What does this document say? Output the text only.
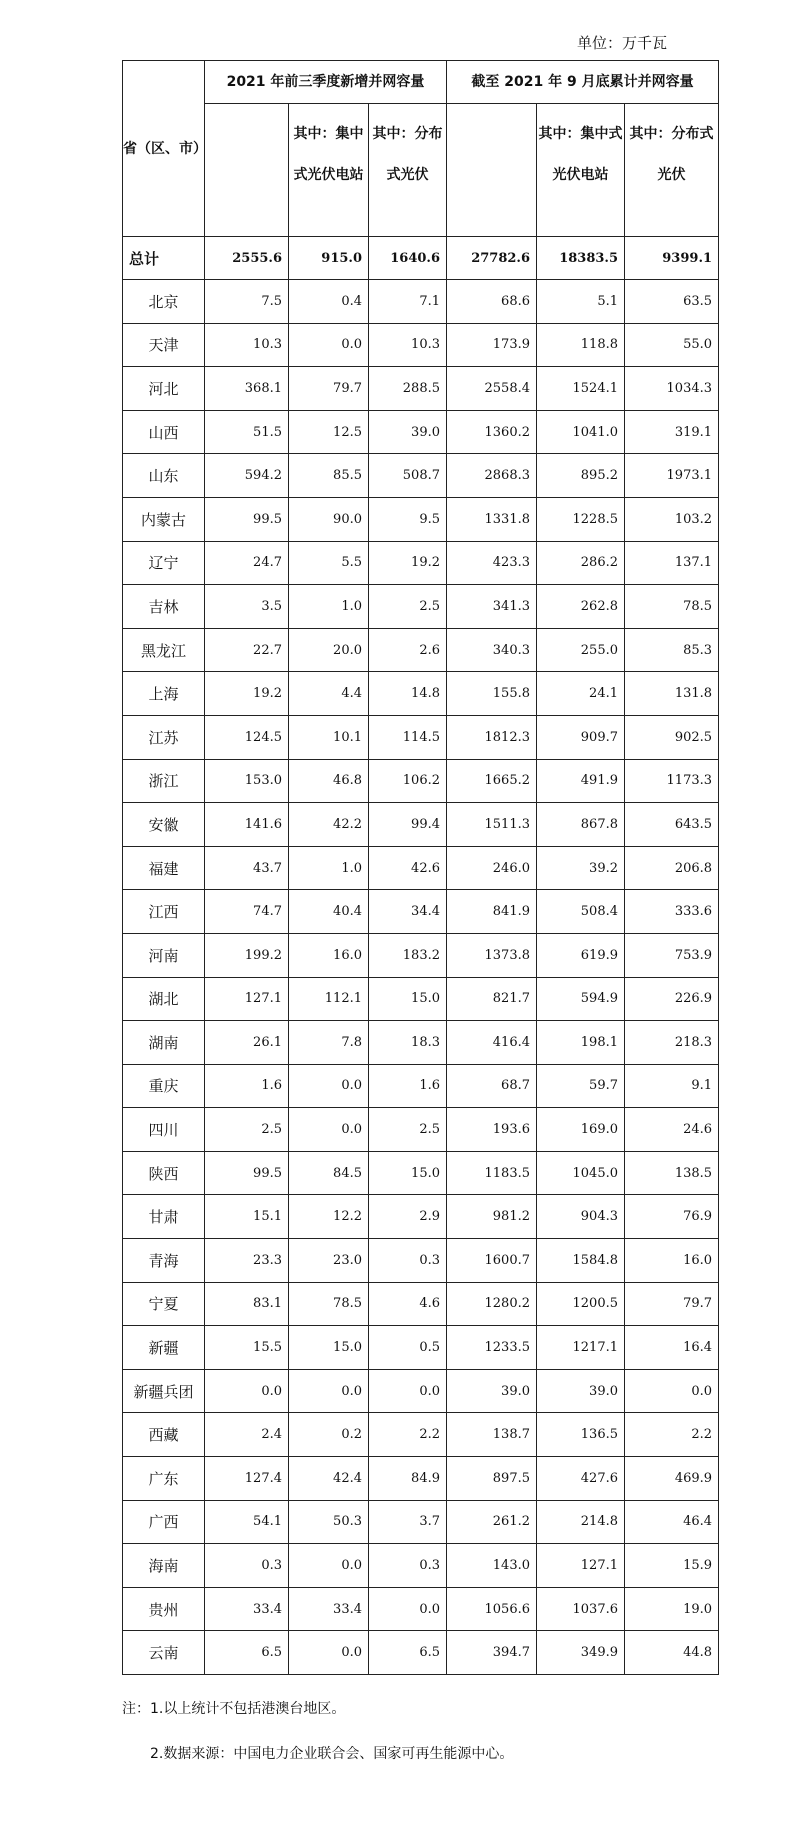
单位：万千瓦
省（区、市）	2021 年前三季度新增并网容量			截至 2021 年 9 月底累计并网容量		
		其中：集中式光伏电站	其中：分布式光伏		其中：集中式光伏电站	其中：分布式光伏
总计	2555.6	915.0	1640.6	27782.6	18383.5	9399.1
北京	7.5	0.4	7.1	68.6	5.1	63.5
天津	10.3	0.0	10.3	173.9	118.8	55.0
河北	368.1	79.7	288.5	2558.4	1524.1	1034.3
山西	51.5	12.5	39.0	1360.2	1041.0	319.1
山东	594.2	85.5	508.7	2868.3	895.2	1973.1
内蒙古	99.5	90.0	9.5	1331.8	1228.5	103.2
辽宁	24.7	5.5	19.2	423.3	286.2	137.1
吉林	3.5	1.0	2.5	341.3	262.8	78.5
黑龙江	22.7	20.0	2.6	340.3	255.0	85.3
上海	19.2	4.4	14.8	155.8	24.1	131.8
江苏	124.5	10.1	114.5	1812.3	909.7	902.5
浙江	153.0	46.8	106.2	1665.2	491.9	1173.3
安徽	141.6	42.2	99.4	1511.3	867.8	643.5
福建	43.7	1.0	42.6	246.0	39.2	206.8
江西	74.7	40.4	34.4	841.9	508.4	333.6
河南	199.2	16.0	183.2	1373.8	619.9	753.9
湖北	127.1	112.1	15.0	821.7	594.9	226.9
湖南	26.1	7.8	18.3	416.4	198.1	218.3
重庆	1.6	0.0	1.6	68.7	59.7	9.1
四川	2.5	0.0	2.5	193.6	169.0	24.6
陕西	99.5	84.5	15.0	1183.5	1045.0	138.5
甘肃	15.1	12.2	2.9	981.2	904.3	76.9
青海	23.3	23.0	0.3	1600.7	1584.8	16.0
宁夏	83.1	78.5	4.6	1280.2	1200.5	79.7
新疆	15.5	15.0	0.5	1233.5	1217.1	16.4
新疆兵团	0.0	0.0	0.0	39.0	39.0	0.0
西藏	2.4	0.2	2.2	138.7	136.5	2.2
广东	127.4	42.4	84.9	897.5	427.6	469.9
广西	54.1	50.3	3.7	261.2	214.8	46.4
海南	0.3	0.0	0.3	143.0	127.1	15.9
贵州	33.4	33.4	0.0	1056.6	1037.6	19.0
云南	6.5	0.0	6.5	394.7	349.9	44.8
注：1.以上统计不包括港澳台地区。
2.数据来源：中国电力企业联合会、国家可再生能源中心。
